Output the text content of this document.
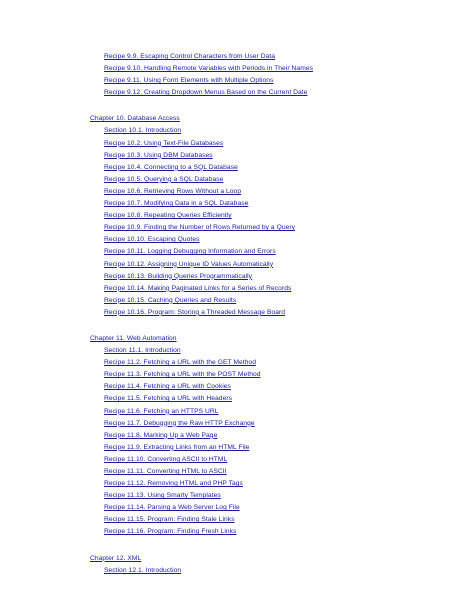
Recipe 9.9. Escaping Control Characters from User Data
Recipe 9.10. Handling Remote Variables with Periods in Their Names
Recipe 9.11. Using Form Elements with Multiple Options
Recipe 9.12. Creating Dropdown Menus Based on the Current Date
Chapter 10. Database Access
Section 10.1. Introduction
Recipe 10.2. Using Text-File Databases
Recipe 10.3. Using DBM Databases
Recipe 10.4. Connecting to a SQL Database
Recipe 10.5. Querying a SQL Database
Recipe 10.6. Retrieving Rows Without a Loop
Recipe 10.7. Modifying Data in a SQL Database
Recipe 10.8. Repeating Queries Efficiently
Recipe 10.9. Finding the Number of Rows Returned by a Query
Recipe 10.10. Escaping Quotes
Recipe 10.11. Logging Debugging Information and Errors
Recipe 10.12. Assigning Unique ID Values Automatically
Recipe 10.13. Building Queries Programmatically
Recipe 10.14. Making Paginated Links for a Series of Records
Recipe 10.15. Caching Queries and Results
Recipe 10.16. Program: Storing a Threaded Message Board
Chapter 11. Web Automation
Section 11.1. Introduction
Recipe 11.2. Fetching a URL with the GET Method
Recipe 11.3. Fetching a URL with the POST Method
Recipe 11.4. Fetching a URL with Cookies
Recipe 11.5. Fetching a URL with Headers
Recipe 11.6. Fetching an HTTPS URL
Recipe 11.7. Debugging the Raw HTTP Exchange
Recipe 11.8. Marking Up a Web Page
Recipe 11.9. Extracting Links from an HTML File
Recipe 11.10. Converting ASCII to HTML
Recipe 11.11. Converting HTML to ASCII
Recipe 11.12. Removing HTML and PHP Tags
Recipe 11.13. Using Smarty Templates
Recipe 11.14. Parsing a Web Server Log File
Recipe 11.15. Program: Finding Stale Links
Recipe 11.16. Program: Finding Fresh Links
Chapter 12. XML
Section 12.1. Introduction
